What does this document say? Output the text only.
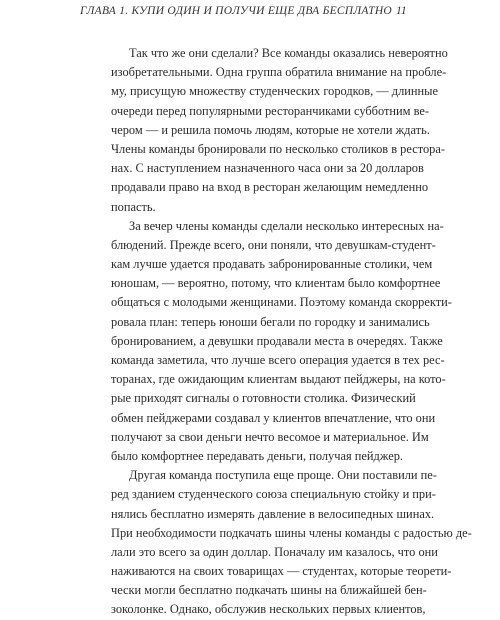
ГЛАВА 1. КУПИ ОДИН И ПОЛУЧИ ЕЩЕ ДВА БЕСПЛАТНО 11

Так что же они сделали? Все команды оказались невероятно
изобретательными. Одна группа обратила внимание на пробле-
му, присущую множеству студенческих городков, — длинные
очереди перед популярными ресторанчиками субботним ве-
чером — и решила помочь людям, которые не хотели ждать.
Члены команды бронировали по несколько столиков в рестора-
нах. С наступлением назначенного часа они за 20 долларов
продавали право на вход в ресторан желающим немедленно
попасть.

За вечер члены команды сделали несколько интересных на-
блюдений. Прежде всего, они поняли, что девушкам-студент-
кам лучше удается продавать забронированные столики, чем
юношам, — вероятно, потому, что клиентам было комфортнее
общаться с молодыми женщинами. Поэтому команда скорректи-
ровала план: теперь юноши бегали по городку и занимались
бронированием, а девушки продавали места в очередях. Также
команда заметила, что лучше всего операция удается в тех рес-
торанах, где ожидающим клиентам выдают пейджеры, на кото-
рые приходят сигналы о готовности столика. Физический
обмен пейджерами создавал у клиентов впечатление, что они
получают за свои деньги нечто весомое и материальное. Им
было комфортнее передавать деньги, получая пейджер.

Другая команда поступила еще проще. Они поставили пе-
ред зданием студенческого союза специальную стойку и при-
нялись бесплатно измерять давление в велосипедных шинах.
При необходимости подкачать шины члены команды с радостью де-
лали это всего за один доллар. Поначалу им казалось, что они
наживаются на своих товарищах — студентах, которые теорети-
чески могли бесплатно подкачать шины на ближайшей бен-
зоколонке. Однако, обслужив нескольких первых клиентов,
